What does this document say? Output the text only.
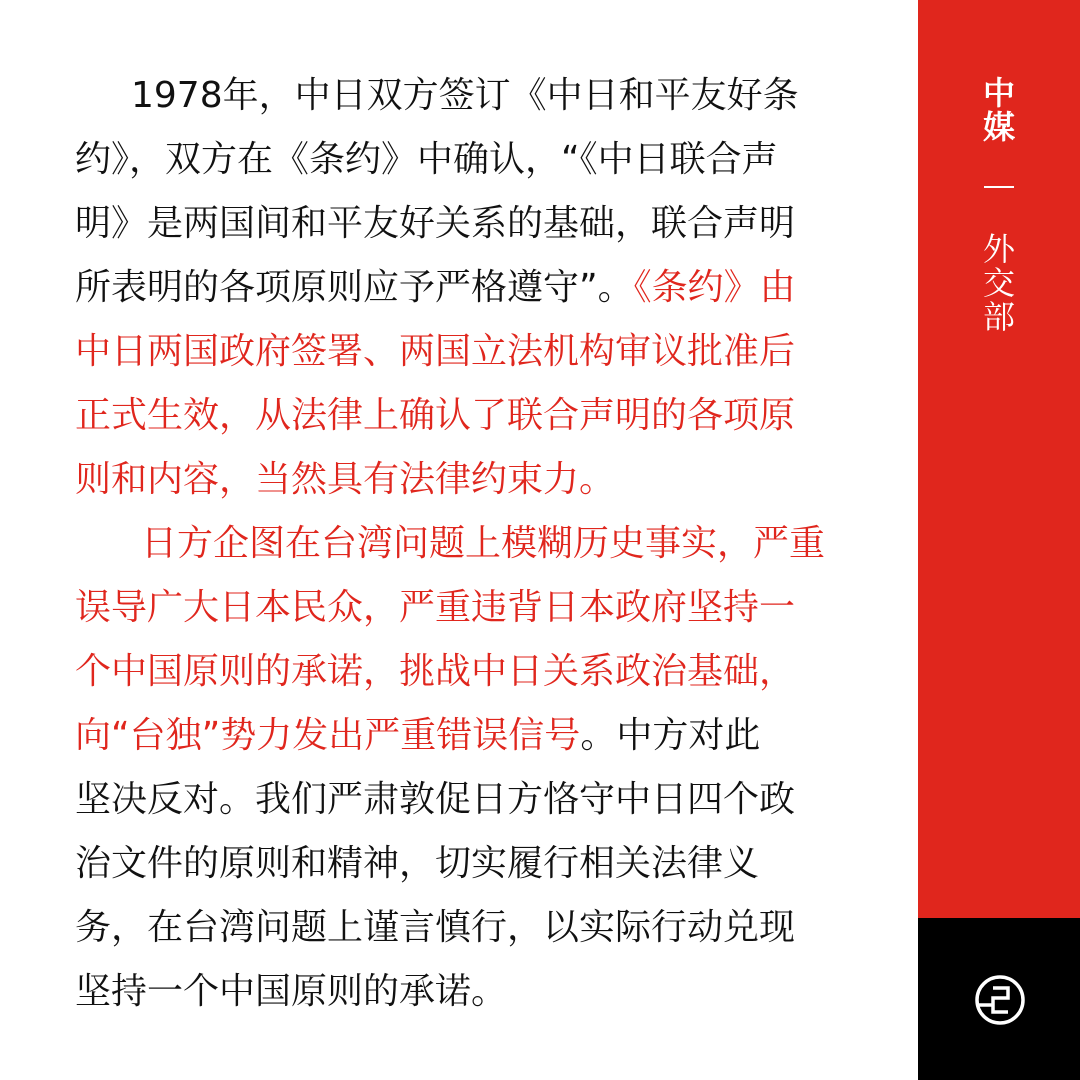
1978年，中日双方签订《中日和平友好条
约》，双方在《条约》中确认，“《中日联合声
明》是两国间和平友好关系的基础，联合声明
所表明的各项原则应予严格遵守”。《条约》由
中日两国政府签署、两国立法机构审议批准后
正式生效，从法律上确认了联合声明的各项原
则和内容，当然具有法律约束力。
日方企图在台湾问题上模糊历史事实，严重
误导广大日本民众，严重违背日本政府坚持一
个中国原则的承诺，挑战中日关系政治基础，
向“台独”势力发出严重错误信号。中方对此
坚决反对。我们严肃敦促日方恪守中日四个政
治文件的原则和精神，切实履行相关法律义
务，在台湾问题上谨言慎行，以实际行动兑现
坚持一个中国原则的承诺。
中
媒
外
交
部
